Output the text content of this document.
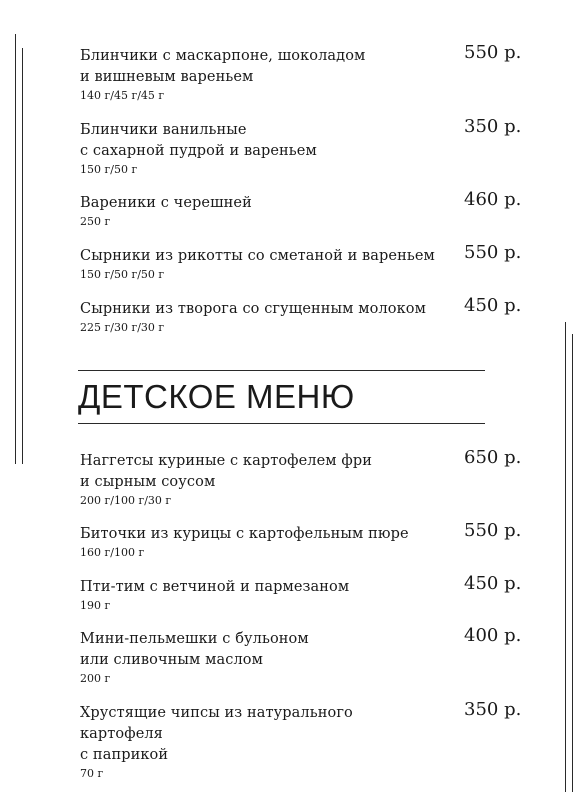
Блинчики с маскарпоне, шоколадом
и вишневым вареньем
140 г/45 г/45 г
550 р.
Блинчики ванильные
с сахарной пудрой и вареньем
150 г/50 г
350 р.
Вареники с черешней
250 г
460 р.
Сырники из рикотты со сметаной и вареньем
150 г/50 г/50 г
550 р.
Сырники из творога со сгущенным молоком
225 г/30 г/30 г
450 р.
ДЕТСКОЕ МЕНЮ
Наггетсы куриные с картофелем фри
и сырным соусом
200 г/100 г/30 г
650 р.
Биточки из курицы с картофельным пюре
160 г/100 г
550 р.
Пти-тим с ветчиной и пармезаном
190 г
450 р.
Мини-пельмешки с бульоном
или сливочным маслом
200 г
400 р.
Хрустящие чипсы из натурального картофеля
с паприкой
70 г
350 р.
